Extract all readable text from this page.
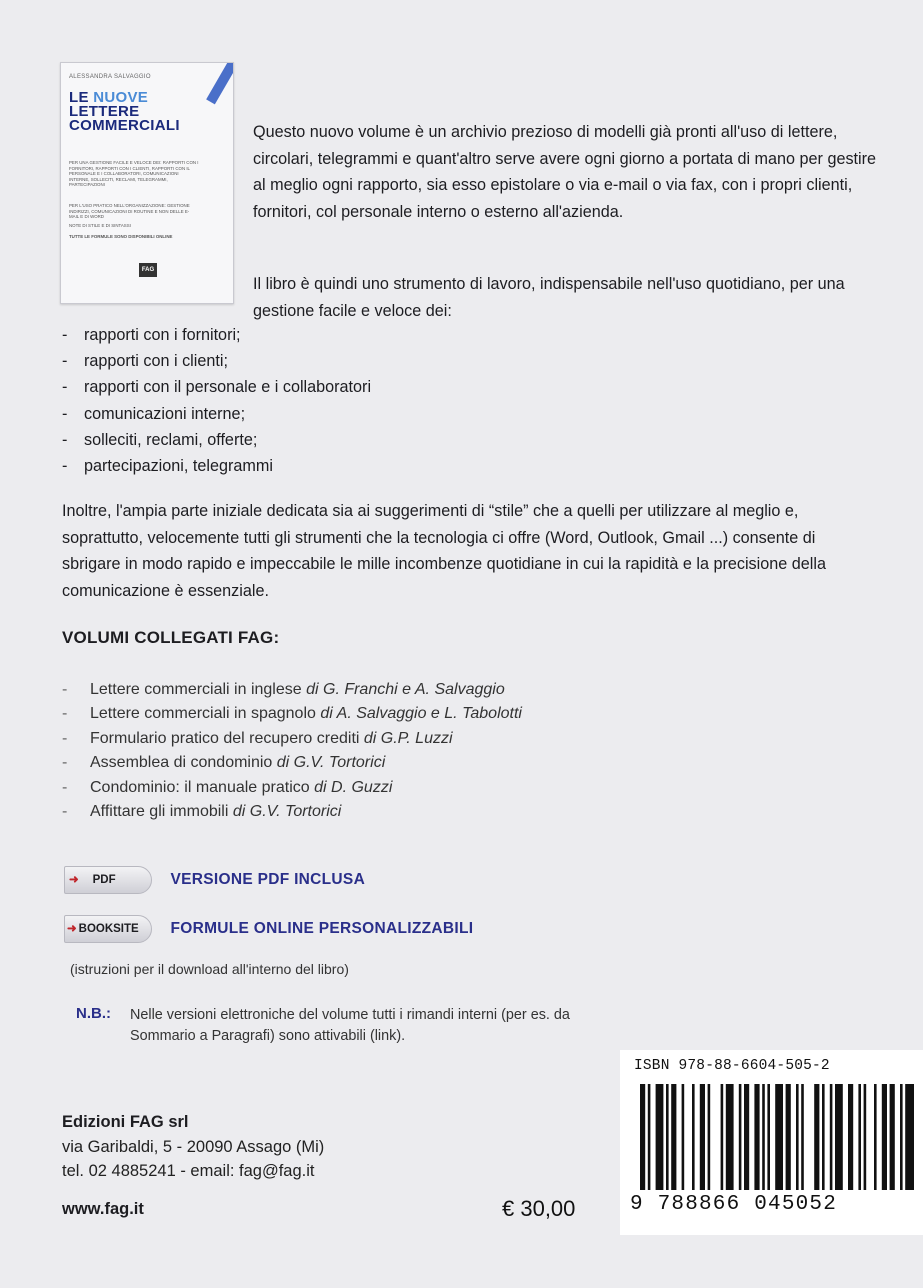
ALESSANDRA SALVAGGIO
LE NUOVE
LETTERE
COMMERCIALI
PER UNA GESTIONE FACILE E VELOCE DEI: RAPPORTI CON I FORNITORI, RAPPORTI CON I CLIENTI, RAPPORTI CON IL PERSONALE E I COLLABORATORI, COMUNICAZIONI INTERNE, SOLLECITI, RECLAMI, TELEGRAMMI, PARTECIPAZIONI
PER L'USO PRATICO NELL'ORGANIZZAZIONE: GESTIONE INDIRIZZI, COMUNICAZIONI DI ROUTINE E NON DELLE E-MAIL E DI WORD
NOTE DI STILE E DI SINTASSI
TUTTE LE FORMULE SONO DISPONIBILI ONLINE
FAG
Questo nuovo volume è un archivio prezioso di modelli già pronti all'uso di lettere, circolari, telegrammi e quant'altro serve avere ogni giorno a portata di mano per gestire al meglio ogni rapporto, sia esso epistolare o via e-mail o via fax, con i propri clienti, fornitori, col personale interno o esterno all'azienda.
Il libro è quindi uno strumento di lavoro, indispensabile nell'uso quotidiano, per una gestione facile e veloce dei:
- rapporti con i fornitori;
- rapporti con i clienti;
- rapporti con il personale e i collaboratori
- comunicazioni interne;
- solleciti, reclami, offerte;
- partecipazioni, telegrammi
Inoltre, l'ampia parte iniziale dedicata sia ai suggerimenti di “stile” che a quelli per utilizzare al meglio e, soprattutto, velocemente tutti gli strumenti che la tecnologia ci offre (Word, Outlook, Gmail ...) consente di sbrigare in modo rapido e impeccabile le mille incombenze quotidiane in cui la rapidità e la precisione della comunicazione è essenziale.
VOLUMI COLLEGATI FAG:
- Lettere commerciali in inglese di G. Franchi e A. Salvaggio
- Lettere commerciali in spagnolo di A. Salvaggio e L. Tabolotti
- Formulario pratico del recupero crediti di G.P. Luzzi
- Assemblea di condominio di G.V. Tortorici
- Condominio: il manuale pratico di D. Guzzi
- Affittare gli immobili di G.V. Tortorici
➜ PDF	VERSIONE PDF INCLUSA
➜ BOOKSITE FORMULE ONLINE PERSONALIZZABILI
(istruzioni per il download all'interno del libro)
N.B.: Nelle versioni elettroniche del volume tutti i rimandi interni (per es. da Sommario a Paragrafi) sono attivabili (link).
Edizioni FAG srl
via Garibaldi, 5 - 20090 Assago (Mi)
tel. 02 4885241 - email: fag@fag.it
www.fag.it	€ 30,00
ISBN 978-88-6604-505-2
9 788866 045052
